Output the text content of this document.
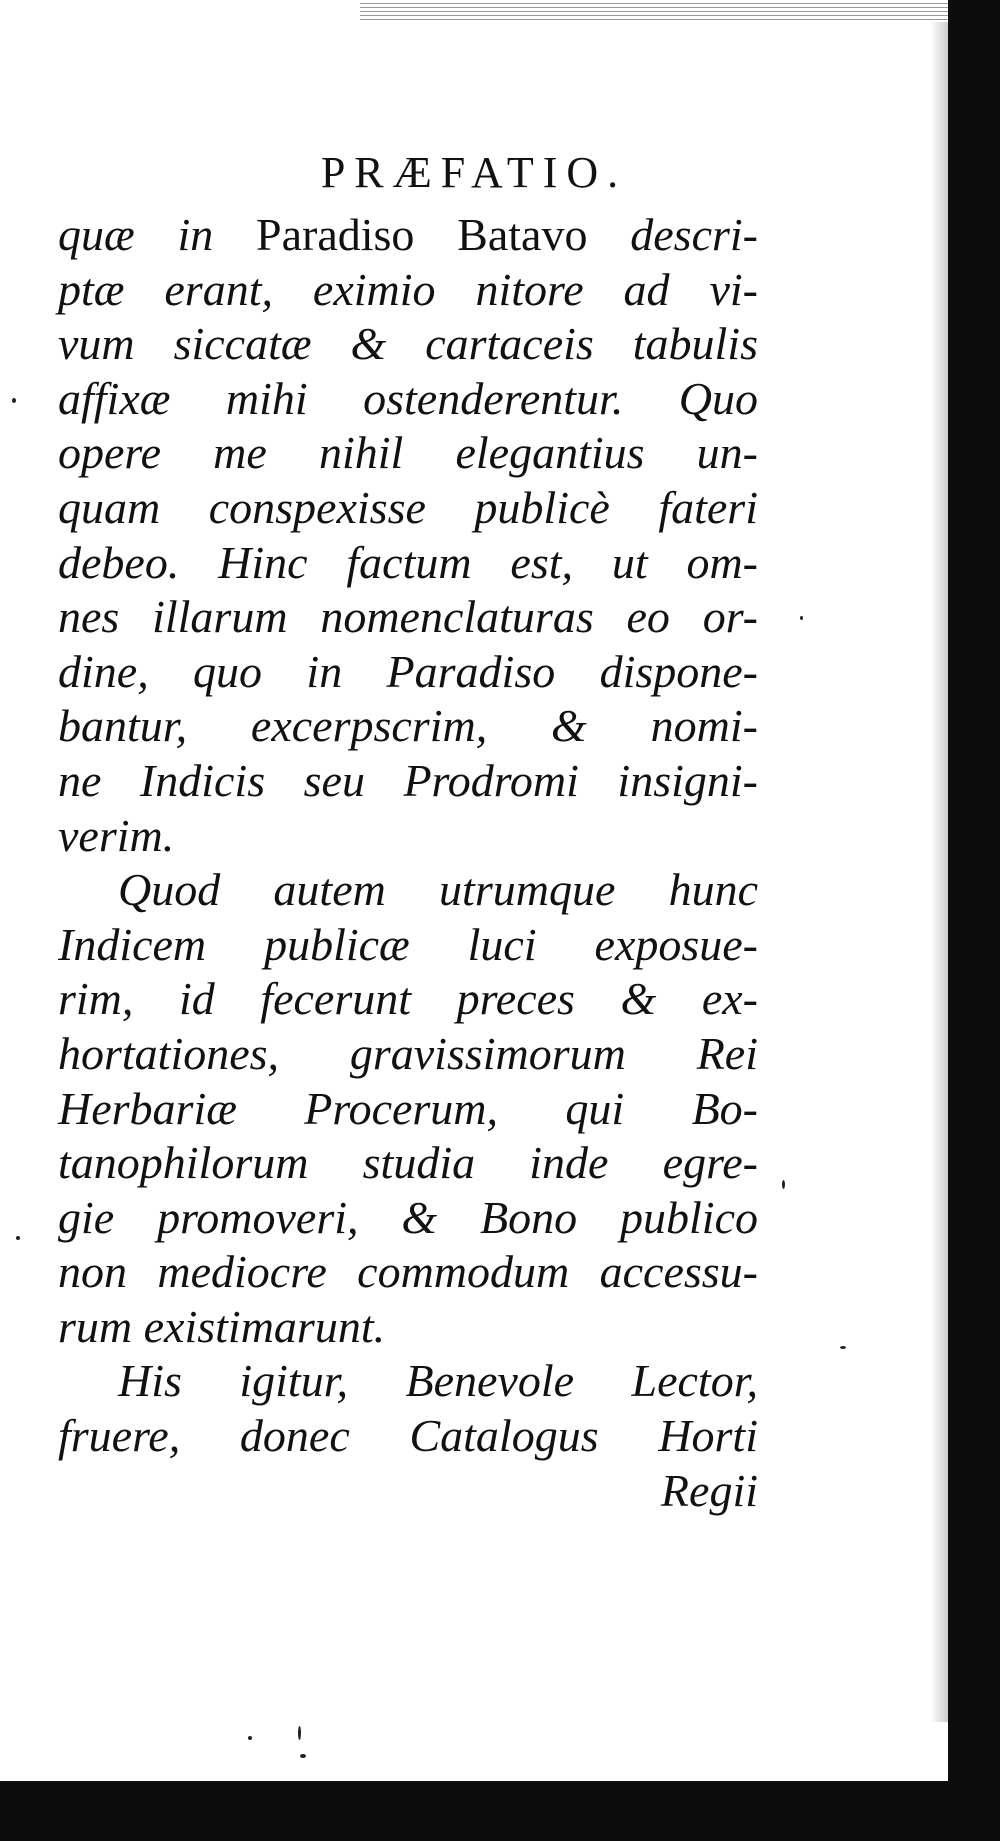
PRÆFATIO.
quæ in Paradiso Batavo descri-
ptæ erant, eximio nitore ad vi-
vum siccatæ & cartaceis tabulis
affixæ mihi ostenderentur. Quo
opere me nihil elegantius un-
quam conspexisse publicè fateri
debeo. Hinc factum est, ut om-
nes illarum nomenclaturas eo or-
dine, quo in Paradiso dispone-
bantur, excerpscrim, & nomi-
ne Indicis seu Prodromi insigni-
verim.
Quod autem utrumque hunc
Indicem publicæ luci exposue-
rim, id fecerunt preces & ex-
hortationes, gravissimorum Rei
Herbariæ Procerum, qui Bo-
tanophilorum studia inde egre-
gie promoveri, & Bono publico
non mediocre commodum accessu-
rum existimarunt.
His igitur, Benevole Lector,
fruere, donec Catalogus Horti
Regii
